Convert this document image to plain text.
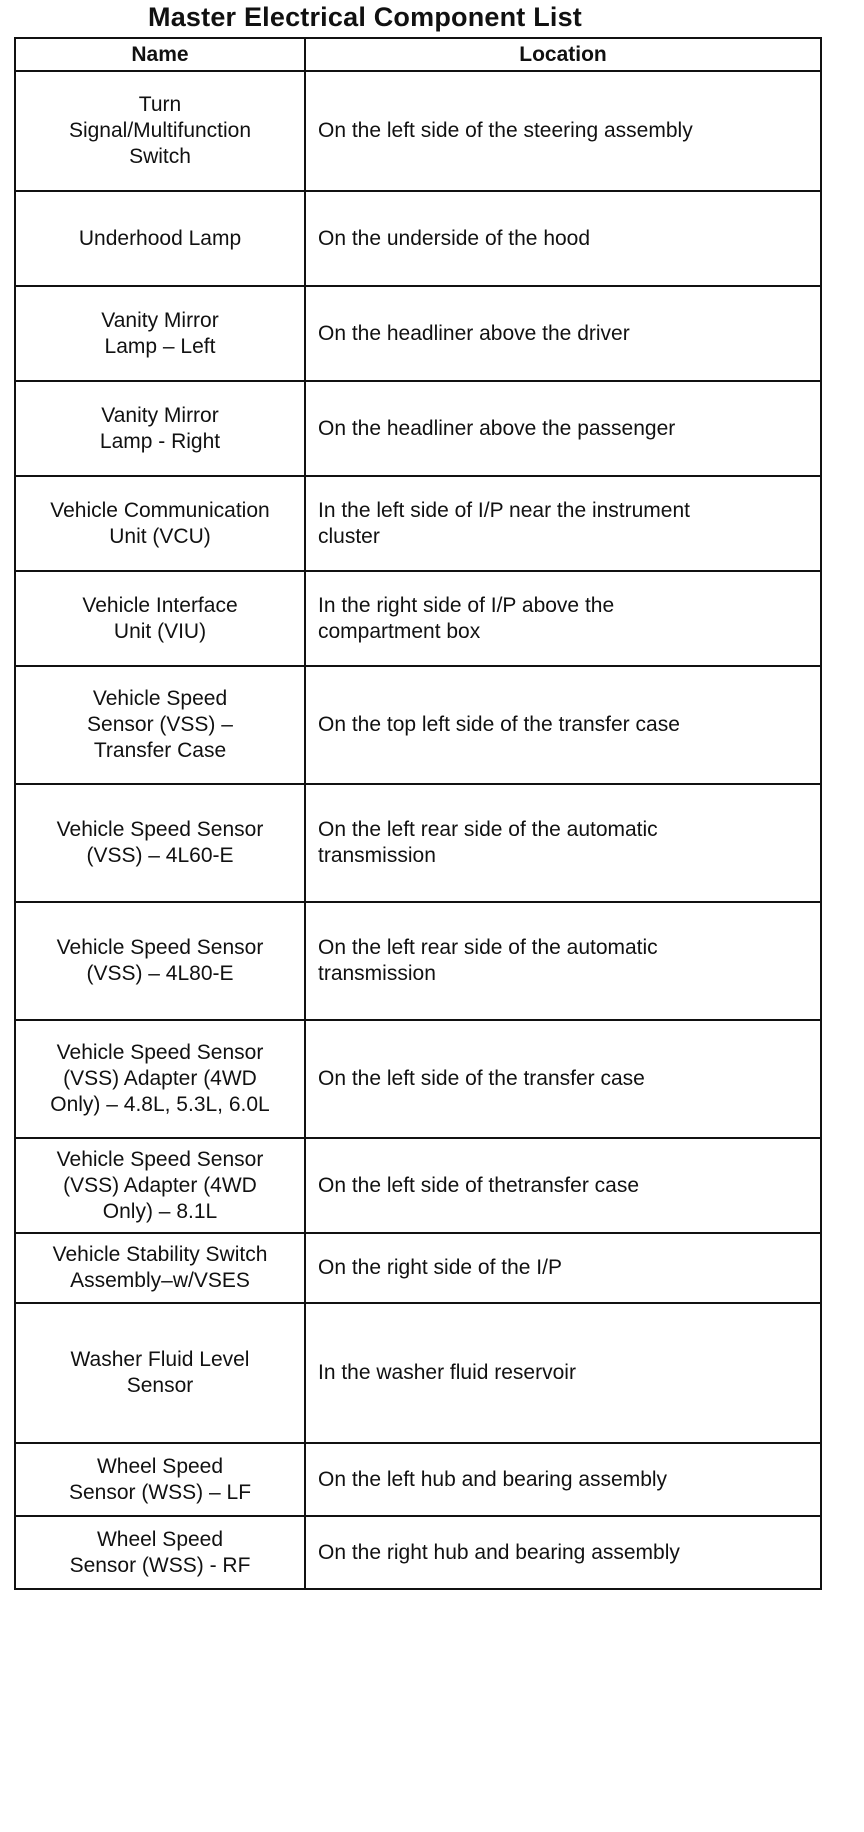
Master Electrical Component List
Name	Location
Turn Signal/Multifunction Switch	On the left side of the steering assembly
Underhood Lamp	On the underside of the hood
Vanity Mirror Lamp – Left	On the headliner above the driver
Vanity Mirror Lamp - Right	On the headliner above the passenger
Vehicle Communication Unit (VCU)	In the left side of I/P near the instrument cluster
Vehicle Interface Unit (VIU)	In the right side of I/P above the compartment box
Vehicle Speed Sensor (VSS) – Transfer Case	On the top left side of the transfer case
Vehicle Speed Sensor (VSS) – 4L60-E	On the left rear side of the automatic transmission
Vehicle Speed Sensor (VSS) – 4L80-E	On the left rear side of the automatic transmission
Vehicle Speed Sensor (VSS) Adapter (4WD Only) – 4.8L, 5.3L, 6.0L	On the left side of the transfer case
Vehicle Speed Sensor (VSS) Adapter (4WD Only) – 8.1L	On the left side of thetransfer case
Vehicle Stability Switch Assembly–w/VSES	On the right side of the I/P
Washer Fluid Level Sensor	In the washer fluid reservoir
Wheel Speed Sensor (WSS) – LF	On the left hub and bearing assembly
Wheel Speed Sensor (WSS) - RF	On the right hub and bearing assembly
